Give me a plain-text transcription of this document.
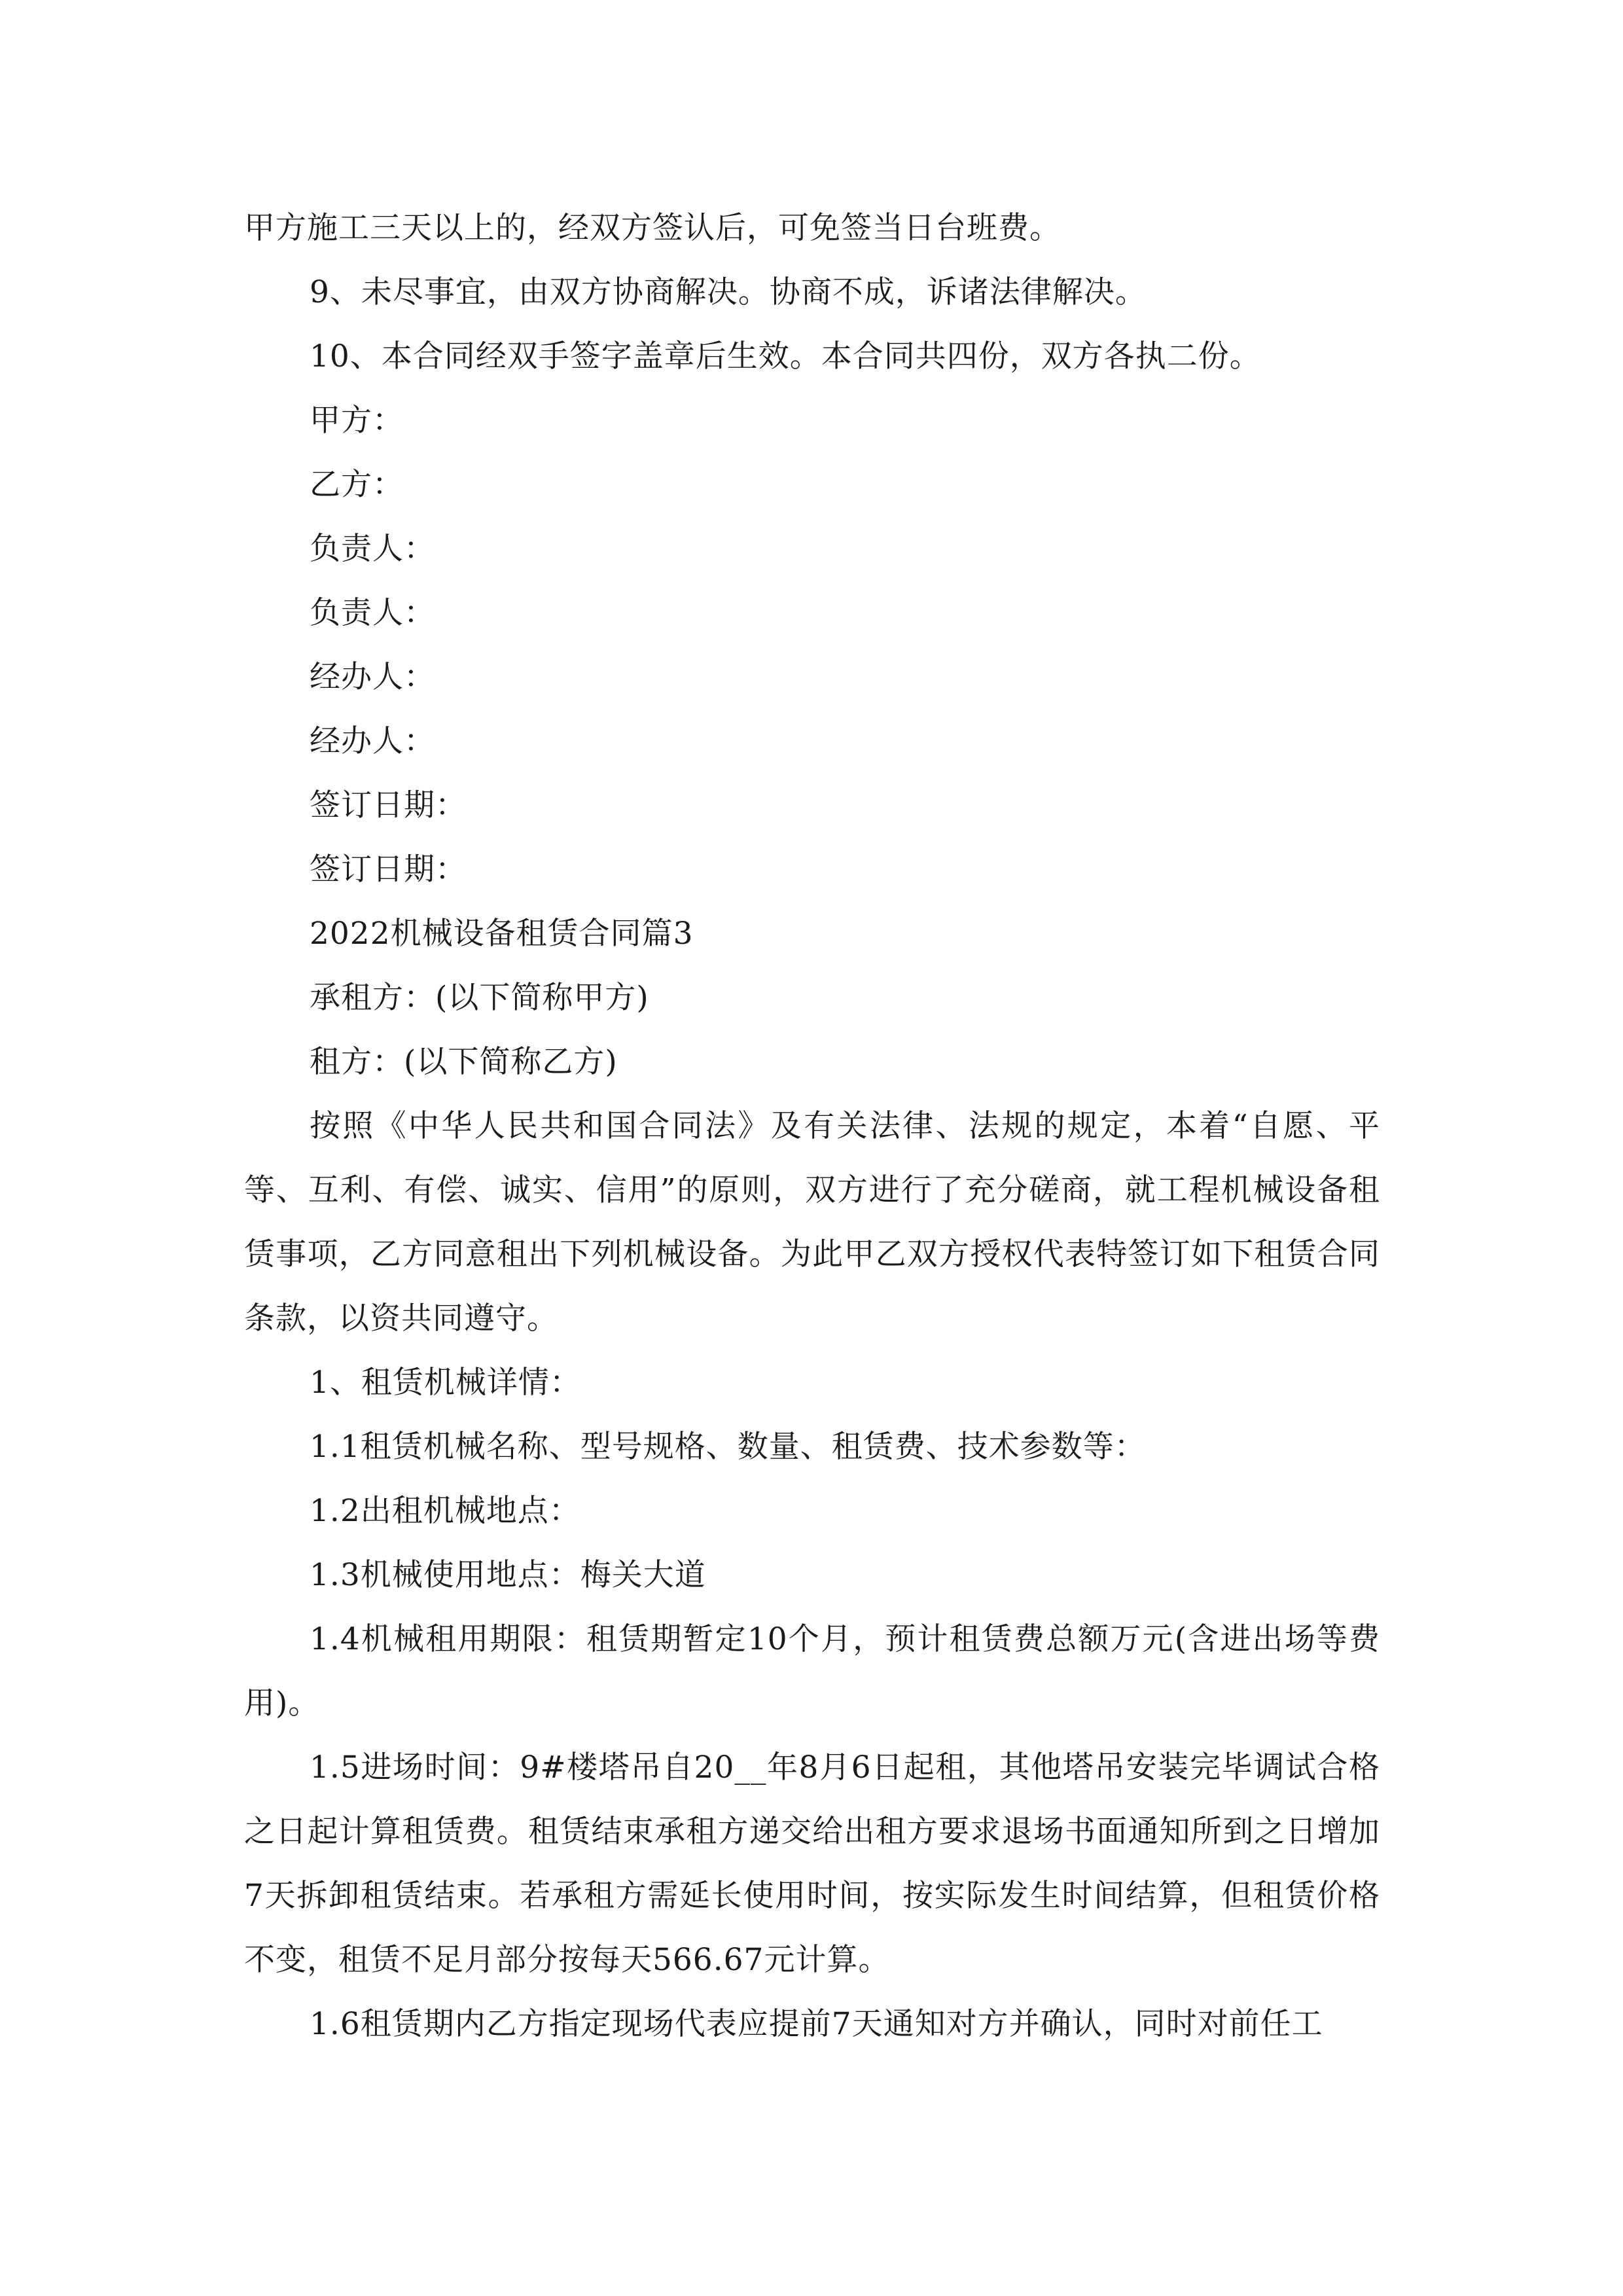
甲方施工三天以上的，经双方签认后，可免签当日台班费。

9、未尽事宜，由双方协商解决。协商不成，诉诸法律解决。

10、本合同经双手签字盖章后生效。本合同共四份，双方各执二份。

甲方：

乙方：

负责人：

负责人：

经办人：

经办人：

签订日期：

签订日期：

2022机械设备租赁合同篇3

承租方：(以下简称甲方)

租方：(以下简称乙方)

按照《中华人民共和国合同法》及有关法律、法规的规定，本着“自愿、平等、互利、有偿、诚实、信用”的原则，双方进行了充分磋商，就工程机械设备租赁事项，乙方同意租出下列机械设备。为此甲乙双方授权代表特签订如下租赁合同条款，以资共同遵守。

1、租赁机械详情：

1.1租赁机械名称、型号规格、数量、租赁费、技术参数等：

1.2出租机械地点：

1.3机械使用地点：梅关大道

1.4机械租用期限：租赁期暂定10个月，预计租赁费总额万元(含进出场等费用)。

1.5进场时间：9#楼塔吊自20__年8月6日起租，其他塔吊安装完毕调试合格之日起计算租赁费。租赁结束承租方递交给出租方要求退场书面通知所到之日增加7天拆卸租赁结束。若承租方需延长使用时间，按实际发生时间结算，但租赁价格不变，租赁不足月部分按每天566.67元计算。

1.6租赁期内乙方指定现场代表应提前7天通知对方并确认，同时对前任工
